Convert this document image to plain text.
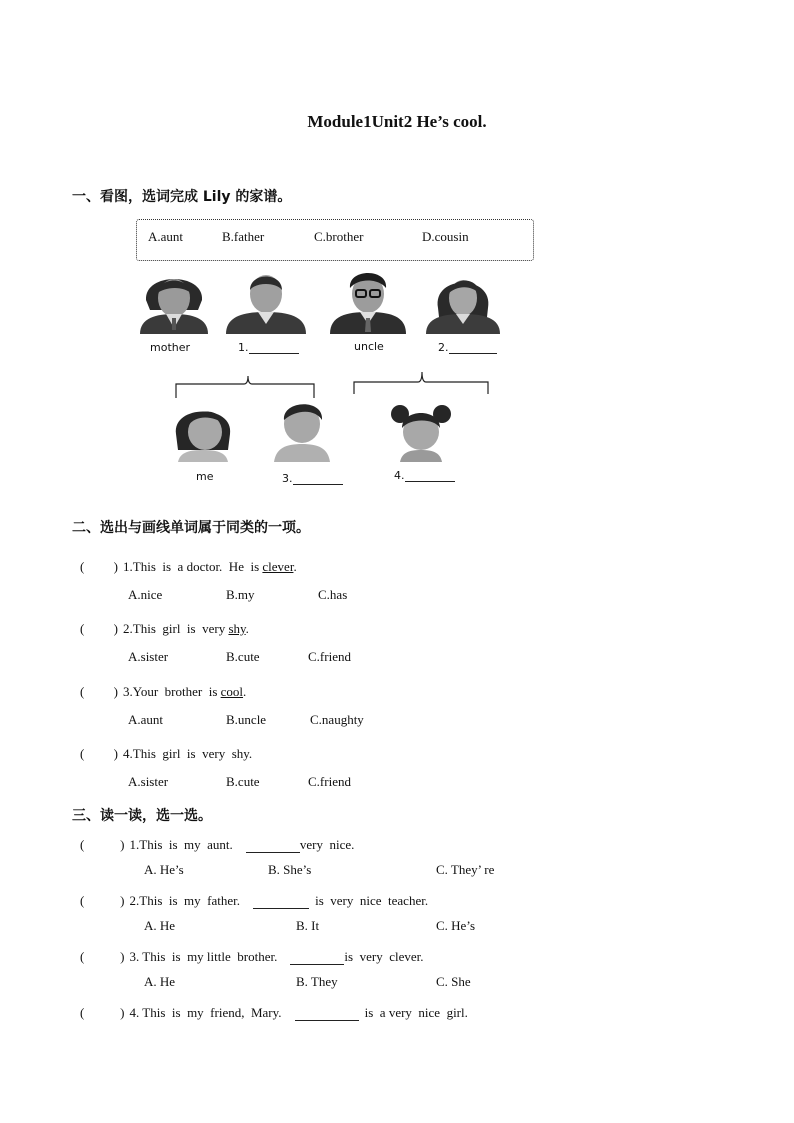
Module1Unit2 He’s cool.
一、看图，选词完成 Lily 的家谱。
A.aunt	B.father	C.brother	D.cousin
mother	1.	uncle	2.
me	3.	4.
二、选出与画线单词属于同类的一项。
(         ) 1.This  is  a doctor.  He  is clever.
A.nice	B.my	C.has
(         ) 2.This  girl  is  very shy.
A.sister	B.cute	C.friend
(         ) 3.Your  brother  is cool.
A.aunt	B.uncle	C.naughty
(         ) 4.This  girl  is  very  shy.
A.sister	B.cute	C.friend
三、读一读，选一选。
(           ) 1.This  is  my  aunt.	very  nice.
A. He’s	B. She’s	C. They’ re
(           ) 2.This  is  my  father.	is  very  nice  teacher.
A. He	B. It	C. He’s
(           ) 3. This  is  my little  brother.	is  very  clever.
A. He	B. They	C. She
(           ) 4. This  is  my  friend,  Mary.	is  a very  nice  girl.
